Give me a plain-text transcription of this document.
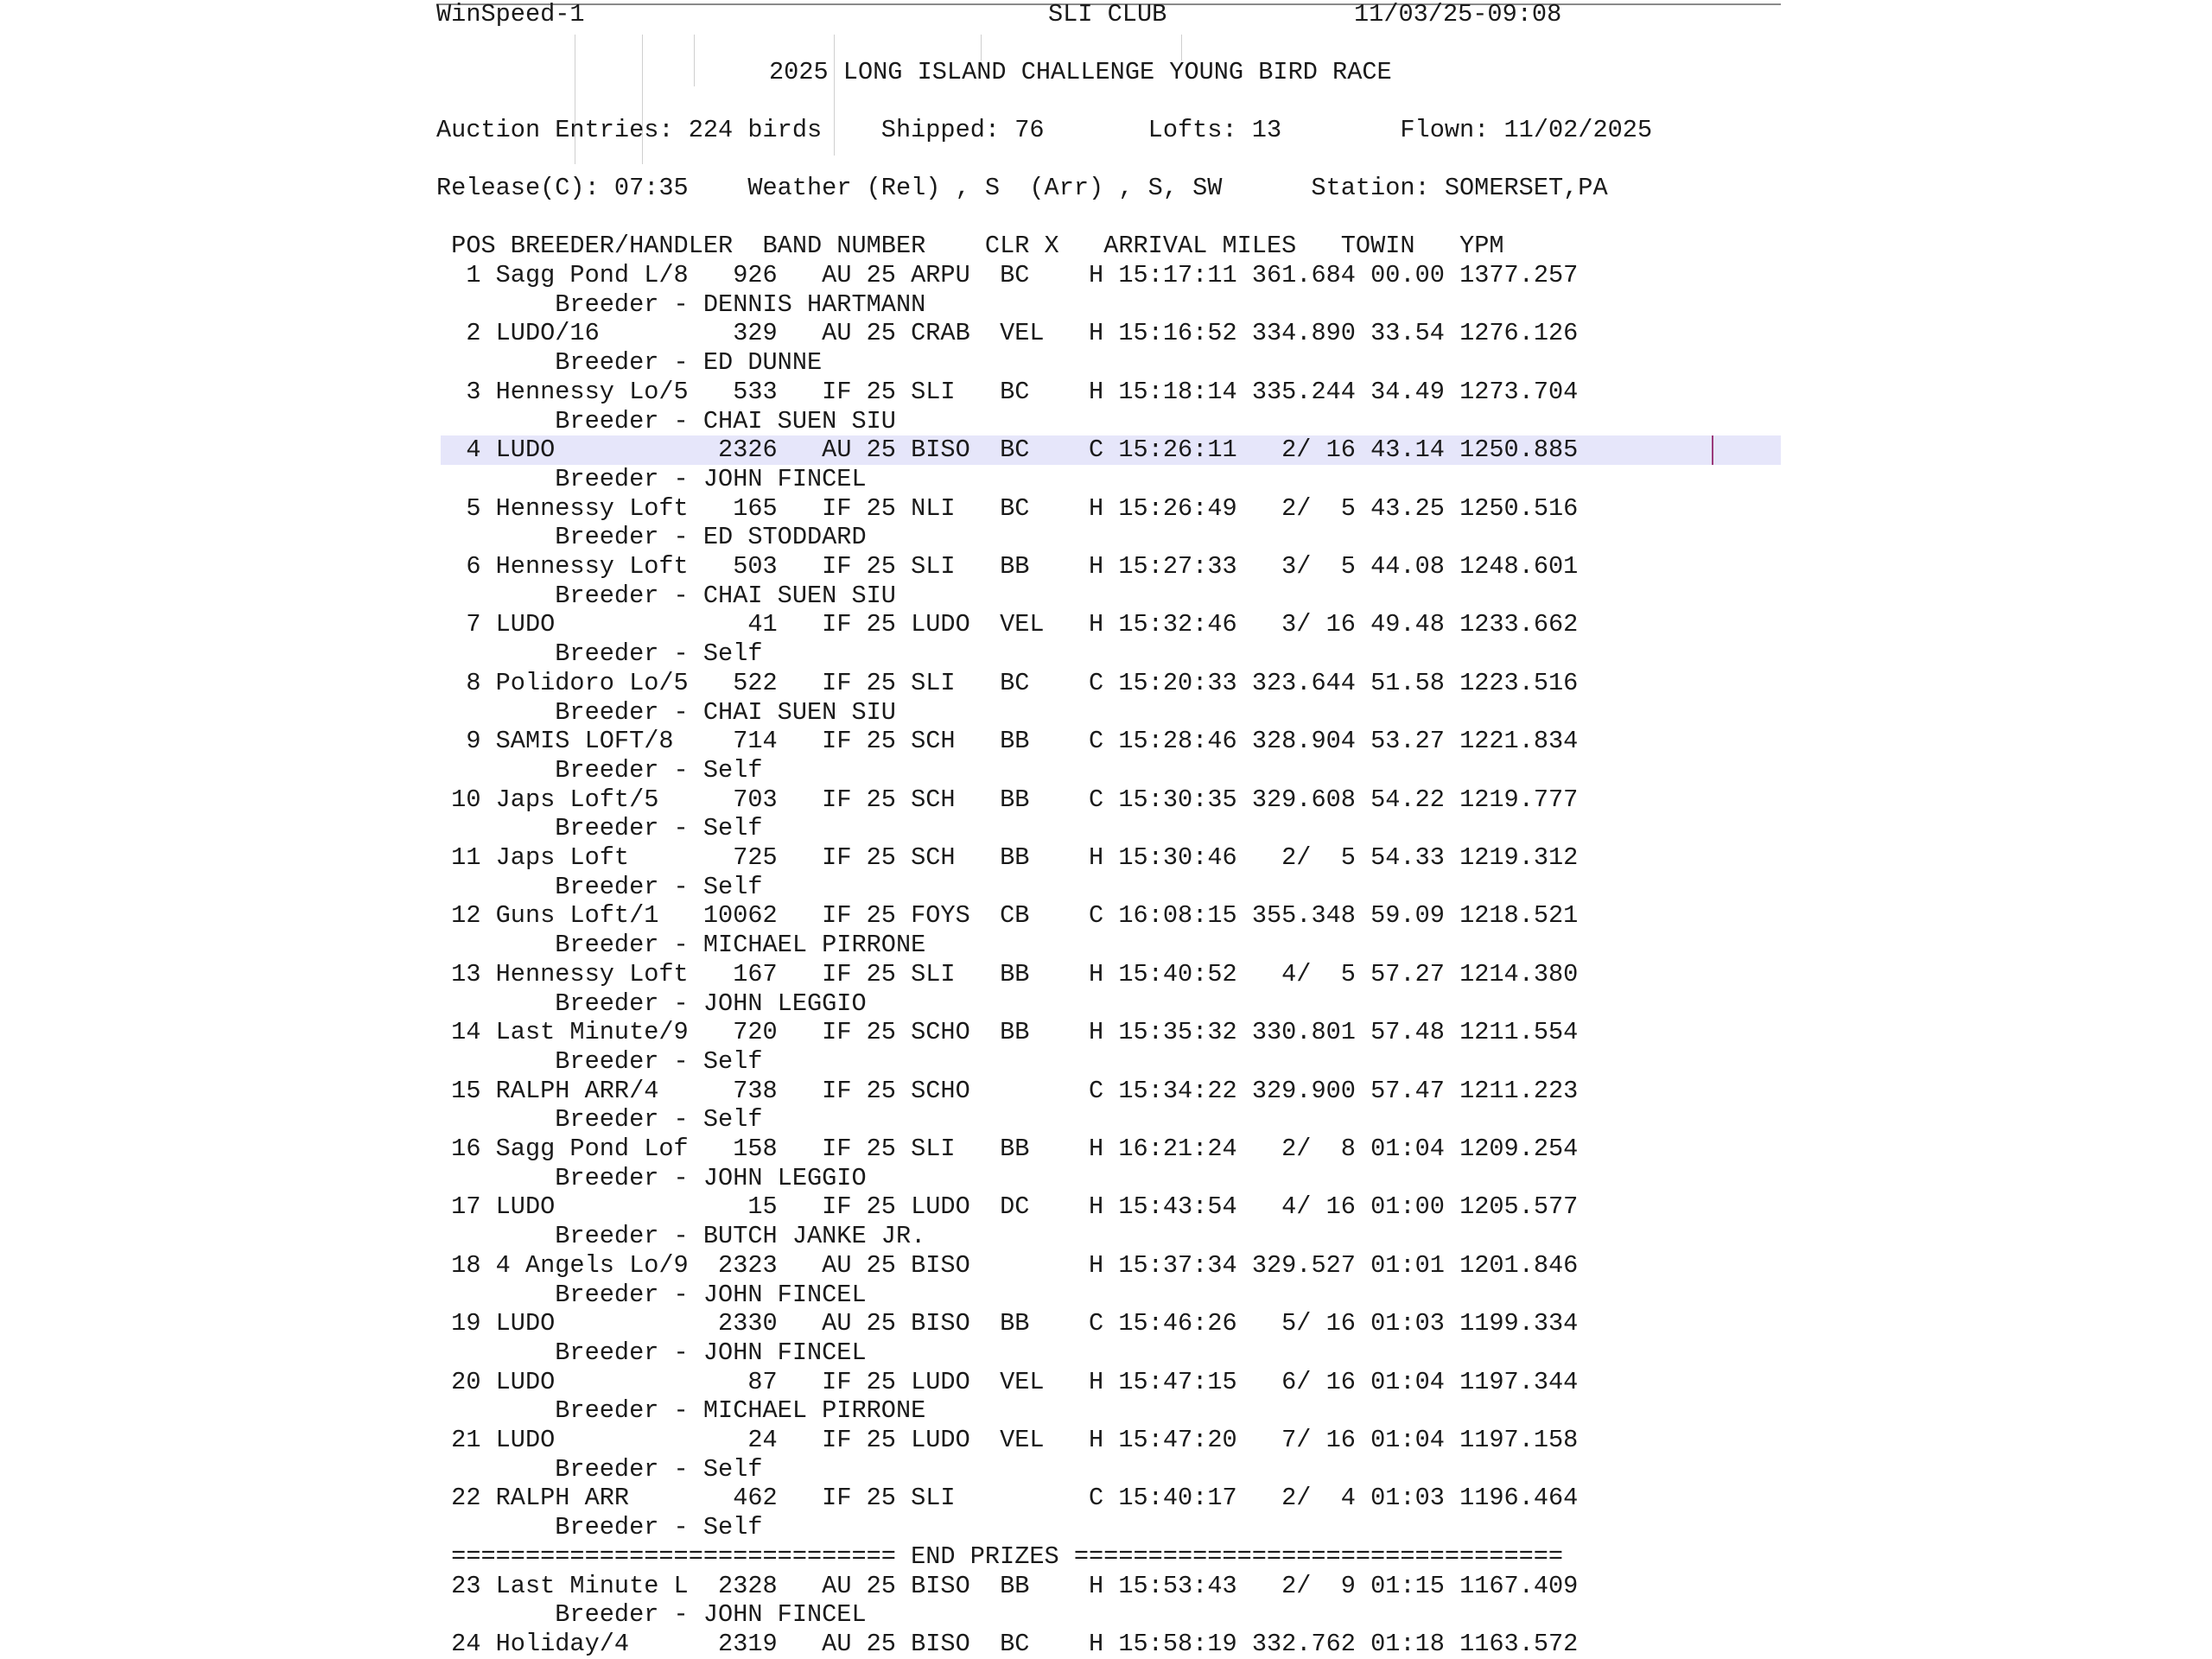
WinSpeed-1	SLI CLUB	11/03/25-09:08
2025 LONG ISLAND CHALLENGE YOUNG BIRD RACE
Auction Entries: 224 birds    Shipped: 76       Lofts: 13        Flown: 11/02/2025
Release(C): 07:35    Weather (Rel) , S  (Arr) , S, SW      Station: SOMERSET,PA
POS BREEDER/HANDLER  BAND NUMBER    CLR X   ARRIVAL MILES   TOWIN   YPM
1 Sagg Pond L/8   926   AU 25 ARPU  BC    H 15:17:11 361.684 00.00 1377.257
Breeder - DENNIS HARTMANN
2 LUDO/16         329   AU 25 CRAB  VEL   H 15:16:52 334.890 33.54 1276.126
Breeder - ED DUNNE
3 Hennessy Lo/5   533   IF 25 SLI   BC    H 15:18:14 335.244 34.49 1273.704
Breeder - CHAI SUEN SIU
4 LUDO           2326   AU 25 BISO  BC    C 15:26:11   2/ 16 43.14 1250.885
Breeder - JOHN FINCEL
5 Hennessy Loft   165   IF 25 NLI   BC    H 15:26:49   2/  5 43.25 1250.516
Breeder - ED STODDARD
6 Hennessy Loft   503   IF 25 SLI   BB    H 15:27:33   3/  5 44.08 1248.601
Breeder - CHAI SUEN SIU
7 LUDO             41   IF 25 LUDO  VEL   H 15:32:46   3/ 16 49.48 1233.662
Breeder - Self
8 Polidoro Lo/5   522   IF 25 SLI   BC    C 15:20:33 323.644 51.58 1223.516
Breeder - CHAI SUEN SIU
9 SAMIS LOFT/8    714   IF 25 SCH   BB    C 15:28:46 328.904 53.27 1221.834
Breeder - Self
10 Japs Loft/5     703   IF 25 SCH   BB    C 15:30:35 329.608 54.22 1219.777
Breeder - Self
11 Japs Loft       725   IF 25 SCH   BB    H 15:30:46   2/  5 54.33 1219.312
Breeder - Self
12 Guns Loft/1   10062   IF 25 FOYS  CB    C 16:08:15 355.348 59.09 1218.521
Breeder - MICHAEL PIRRONE
13 Hennessy Loft   167   IF 25 SLI   BB    H 15:40:52   4/  5 57.27 1214.380
Breeder - JOHN LEGGIO
14 Last Minute/9   720   IF 25 SCHO  BB    H 15:35:32 330.801 57.48 1211.554
Breeder - Self
15 RALPH ARR/4     738   IF 25 SCHO	C 15:34:22 329.900 57.47 1211.223
Breeder - Self
16 Sagg Pond Lof   158   IF 25 SLI   BB    H 16:21:24   2/  8 01:04 1209.254
Breeder - JOHN LEGGIO
17 LUDO             15   IF 25 LUDO  DC    H 15:43:54   4/ 16 01:00 1205.577
Breeder - BUTCH JANKE JR.
18 4 Angels Lo/9  2323   AU 25 BISO	H 15:37:34 329.527 01:01 1201.846
Breeder - JOHN FINCEL
19 LUDO           2330   AU 25 BISO  BB    C 15:46:26   5/ 16 01:03 1199.334
Breeder - JOHN FINCEL
20 LUDO             87   IF 25 LUDO  VEL   H 15:47:15   6/ 16 01:04 1197.344
Breeder - MICHAEL PIRRONE
21 LUDO             24   IF 25 LUDO  VEL   H 15:47:20   7/ 16 01:04 1197.158
Breeder - Self
22 RALPH ARR       462   IF 25 SLI	C 15:40:17   2/  4 01:03 1196.464
Breeder - Self
23 Last Minute L  2328   AU 25 BISO  BB    H 15:53:43   2/  9 01:15 1167.409
Breeder - JOHN FINCEL
24 Holiday/4      2319   AU 25 BISO  BC    H 15:58:19 332.762 01:18 1163.572
============================== END PRIZES =================================
